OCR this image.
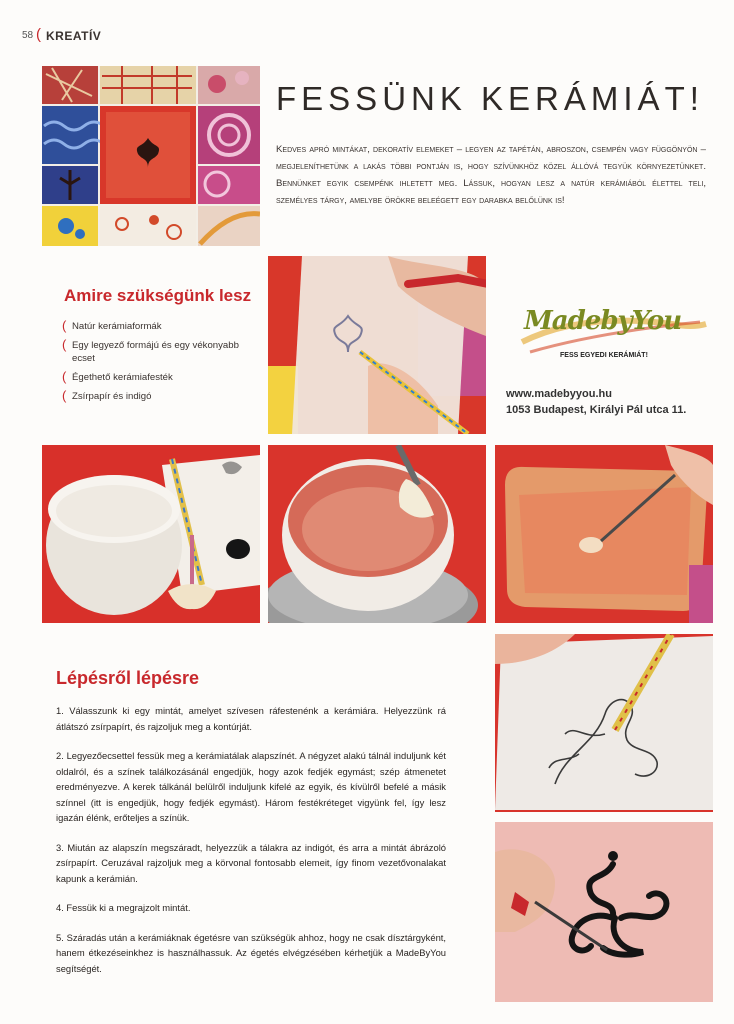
58 ( KREATÍV
FESSÜNK KERÁMIÁT!
Kedves apró mintákat, dekoratív elemeket – legyen az tapétán, abroszon, csempén vagy függönyön – megjeleníthetünk a lakás többi pontján is, hogy szívünkhöz közel állóvá tegyük környezetünket. Bennünket egyik csempénk ihletett meg. Lássuk, hogyan lesz a natúr kerámiából élettel teli, személyes tárgy, amelybe örökre beleégett egy darabka belőlünk is!
Amire szükségünk lesz
( Natúr kerámiaformák
( Egy legyező formájú és egy vékonyabb ecset
( Égethető kerámiafesték
( Zsírpapír és indigó
MadebyYou
FESS EGYEDI KERÁMIÁT!
www.madebyyou.hu
1053 Budapest, Királyi Pál utca 11.
Lépésről lépésre

1. Válasszunk ki egy mintát, amelyet szívesen ráfestenénk a kerámiára. Helyezzünk rá átlátszó zsírpapírt, és rajzoljuk meg a kontúrját.

2. Legyezőecsettel fessük meg a kerámiatálak alapszínét. A négyzet alakú tálnál induljunk két oldalról, és a színek találkozásánál engedjük, hogy azok fedjék egymást; szép átmenetet eredményezve. A kerek tálkánál belülről induljunk kifelé az egyik, és kívülről befelé a másik színnel (itt is engedjük, hogy fedjék egymást). Három festékréteget vigyünk fel, így lesz igazán élénk, erőteljes a színük.

3. Miután az alapszín megszáradt, helyezzük a tálakra az indigót, és arra a mintát ábrázoló zsírpapírt. Ceruzával rajzoljuk meg a körvonal fontosabb elemeit, így finom vezetővonalakat kapunk a kerámián.

4. Fessük ki a megrajzolt mintát.

5. Száradás után a kerámiáknak égetésre van szükségük ahhoz, hogy ne csak dísztárgyként, hanem étkezéseinkhez is használhassuk. Az égetés elvégzésében kérhetjük a MadeByYou segítségét.
